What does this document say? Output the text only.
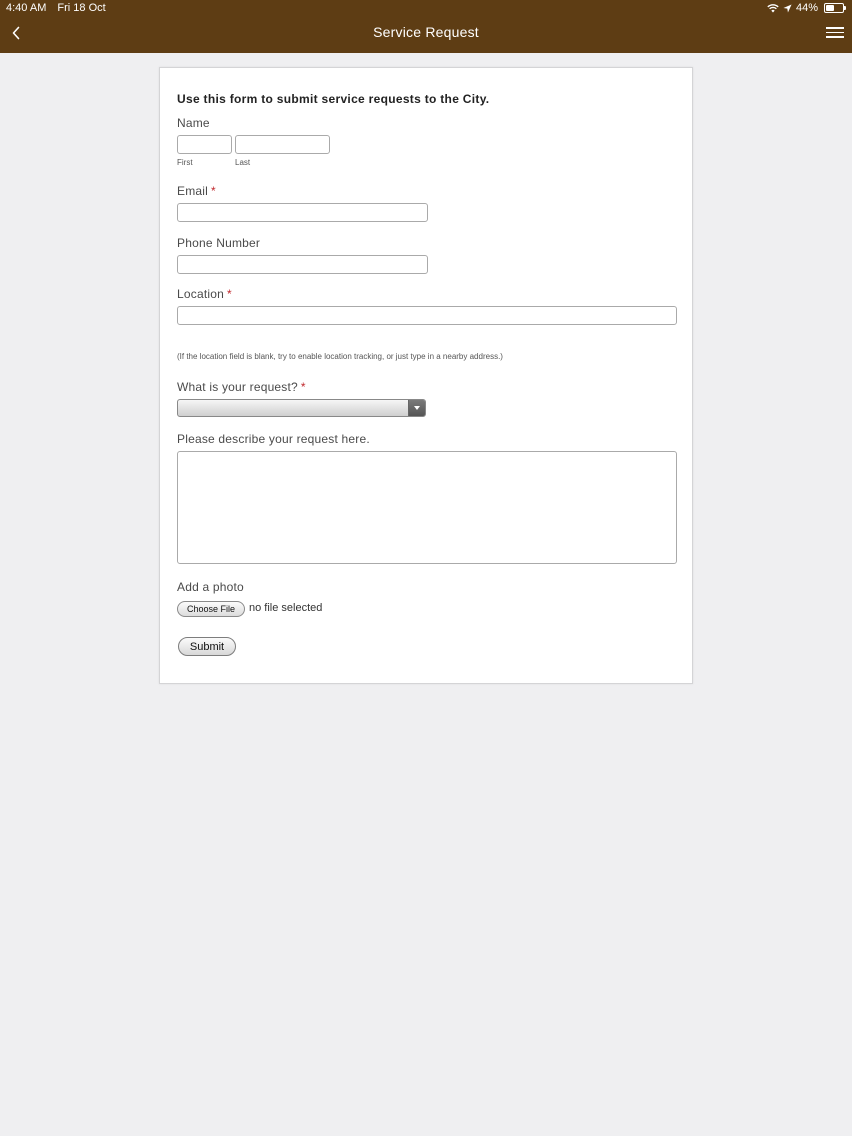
4:40 AM Fri 18 Oct	44%
Service Request
Use this form to submit service requests to the City.
Name
First	Last
Email *
Phone Number
Location *
(If the location field is blank, try to enable location tracking, or just type in a nearby address.)
What is your request? *
Please describe your request here.
Add a photo
Choose File	no file selected
Submit
